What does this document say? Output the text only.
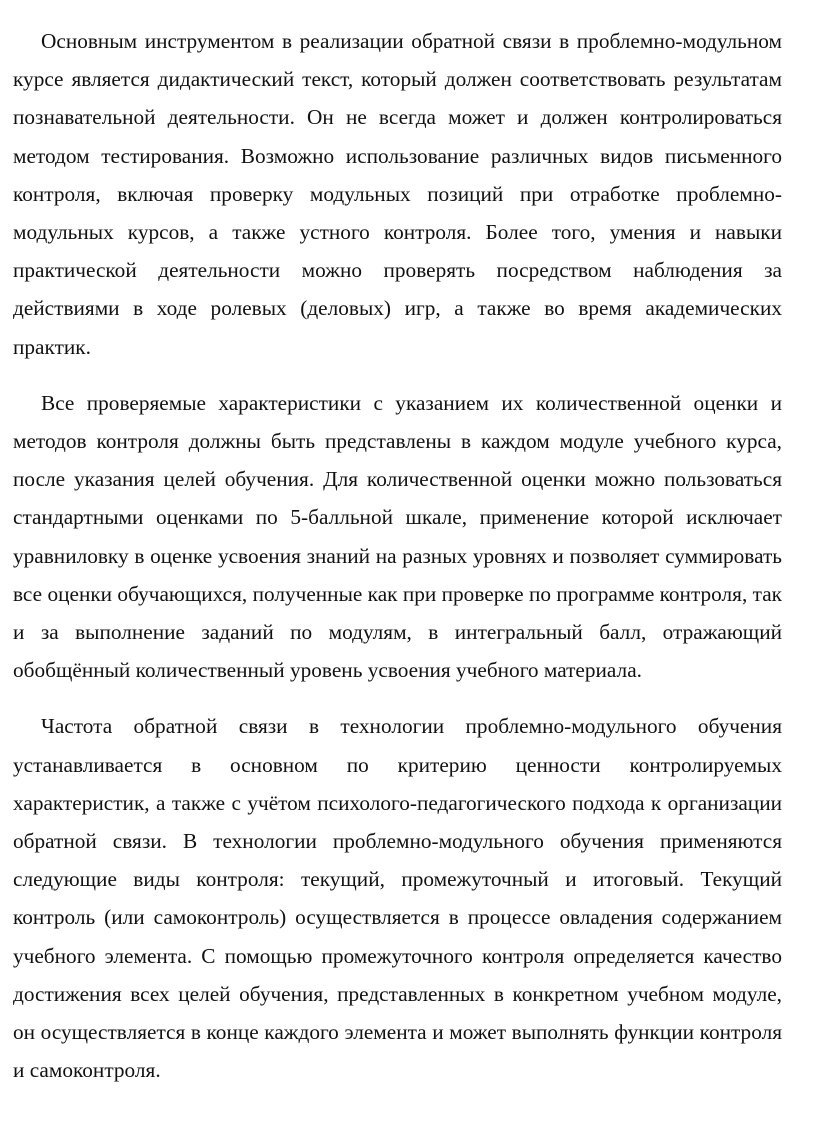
Основным инструментом в реализации обратной связи в проблемно-модульном курсе является дидактический текст, который должен соответствовать результатам познавательной деятельности. Он не всегда может и должен контролироваться методом тестирования. Возможно использование различных видов письменного контроля, включая проверку модульных позиций при отработке проблемно-модульных курсов, а также устного контроля. Более того, умения и навыки практической деятельности можно проверять посредством наблюдения за действиями в ходе ролевых (деловых) игр, а также во время академических практик.

Все проверяемые характеристики с указанием их количественной оценки и методов контроля должны быть представлены в каждом модуле учебного курса, после указания целей обучения. Для количественной оценки можно пользоваться стандартными оценками по 5-балльной шкале, применение которой исключает уравниловку в оценке усвоения знаний на разных уровнях и позволяет суммировать все оценки обучающихся, полученные как при проверке по программе контроля, так и за выполнение заданий по модулям, в интегральный балл, отражающий обобщённый количественный уровень усвоения учебного материала.

Частота обратной связи в технологии проблемно-модульного обучения устанавливается в основном по критерию ценности контролируемых характеристик, а также с учётом психолого-педагогического подхода к организации обратной связи. В технологии проблемно-модульного обучения применяются следующие виды контроля: текущий, промежуточный и итоговый. Текущий контроль (или самоконтроль) осуществляется в процессе овладения содержанием учебного элемента. С помощью промежуточного контроля определяется качество достижения всех целей обучения, представленных в конкретном учебном модуле, он осуществляется в конце каждого элемента и может выполнять функции контроля и самоконтроля.
